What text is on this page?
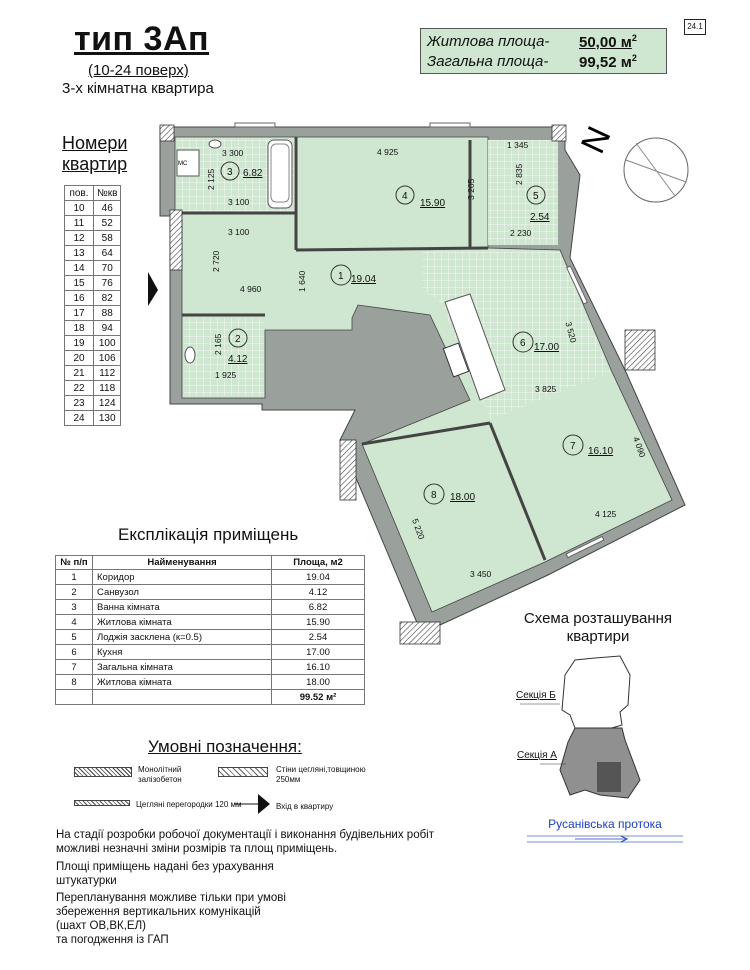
24.1
тип 3Ап
(10-24 поверх)
3-х кімнатна квартира
Житлова площа- 50,00 $м^2$
Загальна площа- 99,52 $м^2$
Номери
квартир
пов.	№кв
10	46
11	52
12	58
13	64
14	70
15	76
16	82
17	88
18	94
19	100
20	106
21	112
22	118
23	124
24	130
MC
N
3 300	4 925
1 345
2 125
3 100
3 205
2 835
2 230
3 100
2 720
1 640
4 960
2 165
1 925
3 520
3 825
4 090
4 125
5 220
3 450
3 6.82
4
15.90
5
2.54
1 19.04
2
4.12
6 17.00
7 16.10
8 18.00
Експлікація приміщень
№ п/п	Найменування	Площа, м2
1	Коридор	19.04
2	Санвузол	4.12
3	Ванна кімната	6.82
4	Житлова кімната	15.90
5	Лоджія засклена (к=0.5)	2.54
6	Кухня	17.00
7	Загальна кімната	16.10
8	Житлова кімната	18.00
		99.52 м²
Умовні позначення:
Монолітний залізобетон
Стіни цегляні,товщиною 250мм
Цегляні перегородки 120 мм	Вхід в квартиру
На стадії розробки робочої документації і виконання будівельних робіт
можливі незначні зміни розмірів та площ приміщень.
Площі приміщень надані без урахування
штукатурки
Перепланування можливе тільки при умові
збереження вертикальних комунікацій
(шахт ОВ,ВК,ЕЛ)
та погодження із ГАП
Схема розташування
квартири
Секція Б
Секція А
Русанівська протока
